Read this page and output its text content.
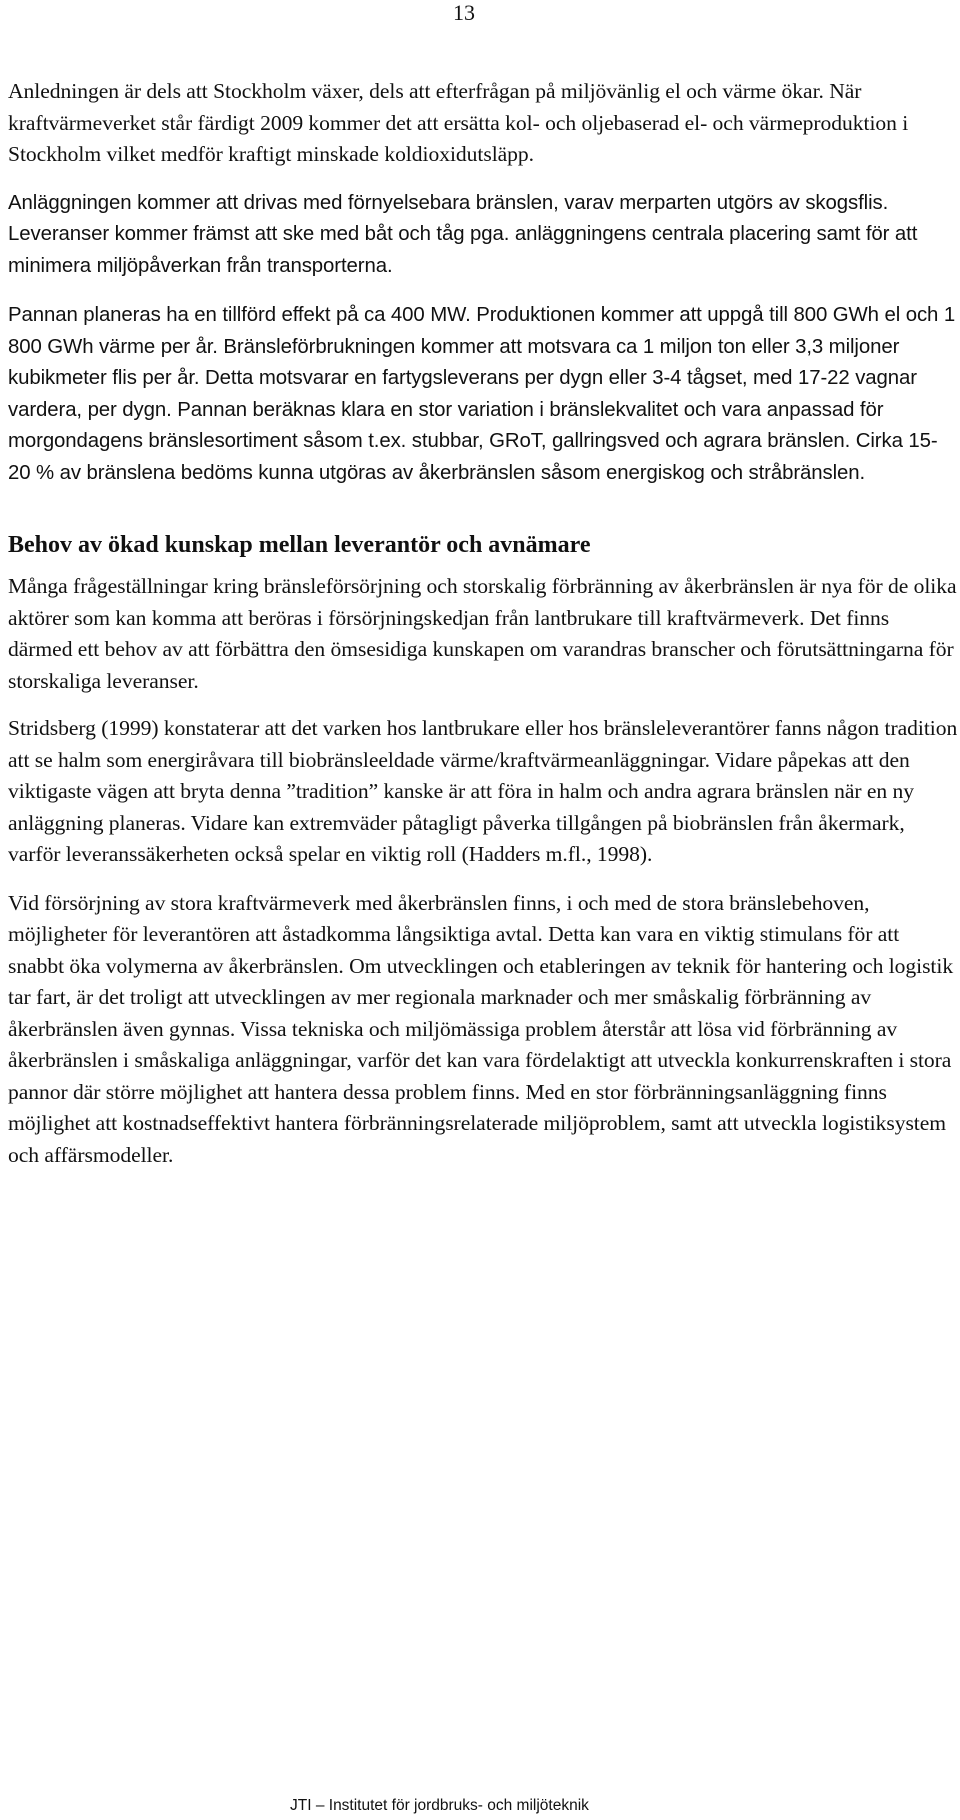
13

Anledningen är dels att Stockholm växer, dels att efterfrågan på miljövänlig el och värme ökar. När kraftvärmeverket står färdigt 2009 kommer det att ersätta kol- och oljebaserad el- och värmeproduktion i Stockholm vilket medför kraftigt minskade koldioxidutsläpp.

Anläggningen kommer att drivas med förnyelsebara bränslen, varav merparten utgörs av skogsflis. Leveranser kommer främst att ske med båt och tåg pga. anläggningens centrala placering samt för att minimera miljöpåverkan från transporterna.

Pannan planeras ha en tillförd effekt på ca 400 MW. Produktionen kommer att uppgå till 800 GWh el och 1 800 GWh värme per år. Bränsleförbrukningen kommer att motsvara ca 1 miljon ton eller 3,3 miljoner kubikmeter flis per år. Detta motsvarar en fartygsleverans per dygn eller 3-4 tågset, med 17-22 vagnar vardera, per dygn. Pannan beräknas klara en stor variation i bränslekvalitet och vara anpassad för morgondagens bränslesortiment såsom t.ex. stubbar, GRoT, gallringsved och agrara bränslen. Cirka 15-20 % av bränslena bedöms kunna utgöras av åkerbränslen såsom energiskog och stråbränslen.

Behov av ökad kunskap mellan leverantör och avnämare

Många frågeställningar kring bränsleförsörjning och storskalig förbränning av åkerbränslen är nya för de olika aktörer som kan komma att beröras i försörjningskedjan från lantbrukare till kraftvärmeverk. Det finns därmed ett behov av att förbättra den ömsesidiga kunskapen om varandras branscher och förutsättningarna för storskaliga leveranser.

Stridsberg (1999) konstaterar att det varken hos lantbrukare eller hos bränsleleverantörer fanns någon tradition att se halm som energiråvara till biobränsleeldade värme/kraftvärmeanläggningar. Vidare påpekas att den viktigaste vägen att bryta denna ”tradition” kanske är att föra in halm och andra agrara bränslen när en ny anläggning planeras. Vidare kan extremväder påtagligt påverka tillgången på biobränslen från åkermark, varför leveranssäkerheten också spelar en viktig roll (Hadders m.fl., 1998).

Vid försörjning av stora kraftvärmeverk med åkerbränslen finns, i och med de stora bränslebehoven, möjligheter för leverantören att åstadkomma långsiktiga avtal. Detta kan vara en viktig stimulans för att snabbt öka volymerna av åkerbränslen. Om utvecklingen och etableringen av teknik för hantering och logistik tar fart, är det troligt att utvecklingen av mer regionala marknader och mer småskalig förbränning av åkerbränslen även gynnas. Vissa tekniska och miljömässiga problem återstår att lösa vid förbränning av åkerbränslen i småskaliga anläggningar, varför det kan vara fördelaktigt att utveckla konkurrenskraften i stora pannor där större möjlighet att hantera dessa problem finns. Med en stor förbränningsanläggning finns möjlighet att kostnadseffektivt hantera förbränningsrelaterade miljöproblem, samt att utveckla logistiksystem och affärsmodeller.

JTI – Institutet för jordbruks- och miljöteknik
